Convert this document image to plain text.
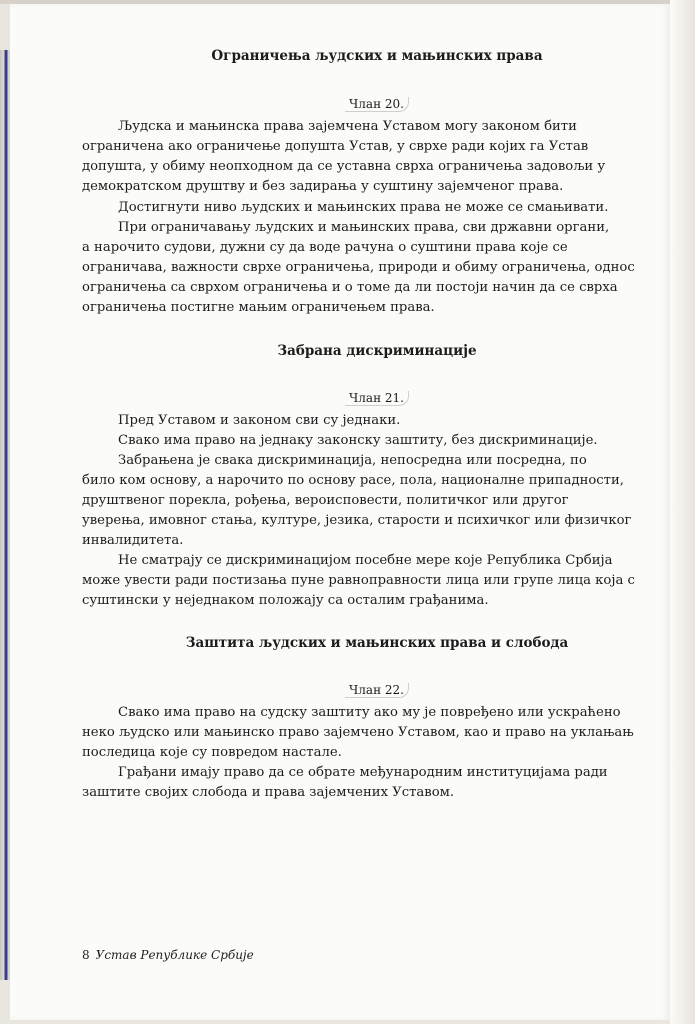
Ограничења људских и мањинских права
Члан 20.
Људска и мањинска права зајемчена Уставом могу законом бити
ограничена ако ограничење допушта Устав, у сврхе ради којих га Устав
допушта, у обиму неопходном да се уставна сврха ограничења задовољи у
демократском друштву и без задирања у суштину зајемченог права.
Достигнути ниво људских и мањинских права не може се смањивати.
При ограничавању људских и мањинских права, сви државни органи,
а нарочито судови, дужни су да воде рачуна о суштини права које се
ограничава, важности сврхе ограничења, природи и обиму ограничења, однос
ограничења са сврхом ограничења и о томе да ли постоји начин да се сврха
ограничења постигне мањим ограничењем права.
Забрана дискриминације
Члан 21.
Пред Уставом и законом сви су једнаки.
Свако има право на једнаку законску заштиту, без дискриминације.
Забрањена је свака дискриминација, непосредна или посредна, по
било ком основу, а нарочито по основу расе, пола, националне припадности,
друштвеног порекла, рођења, вероисповести, политичког или другог
уверења, имовног стања, културе, језика, старости и психичког или физичког
инвалидитета.
Не сматрају се дискриминацијом посебне мере које Република Србија
може увести ради постизања пуне равноправности лица или групе лица која с
суштински у неједнаком положају са осталим грађанима.
Заштита људских и мањинских права и слобода
Члан 22.
Свако има право на судску заштиту ако му је повређено или ускраћено
неко људско или мањинско право зајемчено Уставом, као и право на уклањањ
последица које су повредом настале.
Грађани имају право да се обрате међународним институцијама ради
заштите својих слобода и права зајемчених Уставом.
8 Устав Републике Србије
